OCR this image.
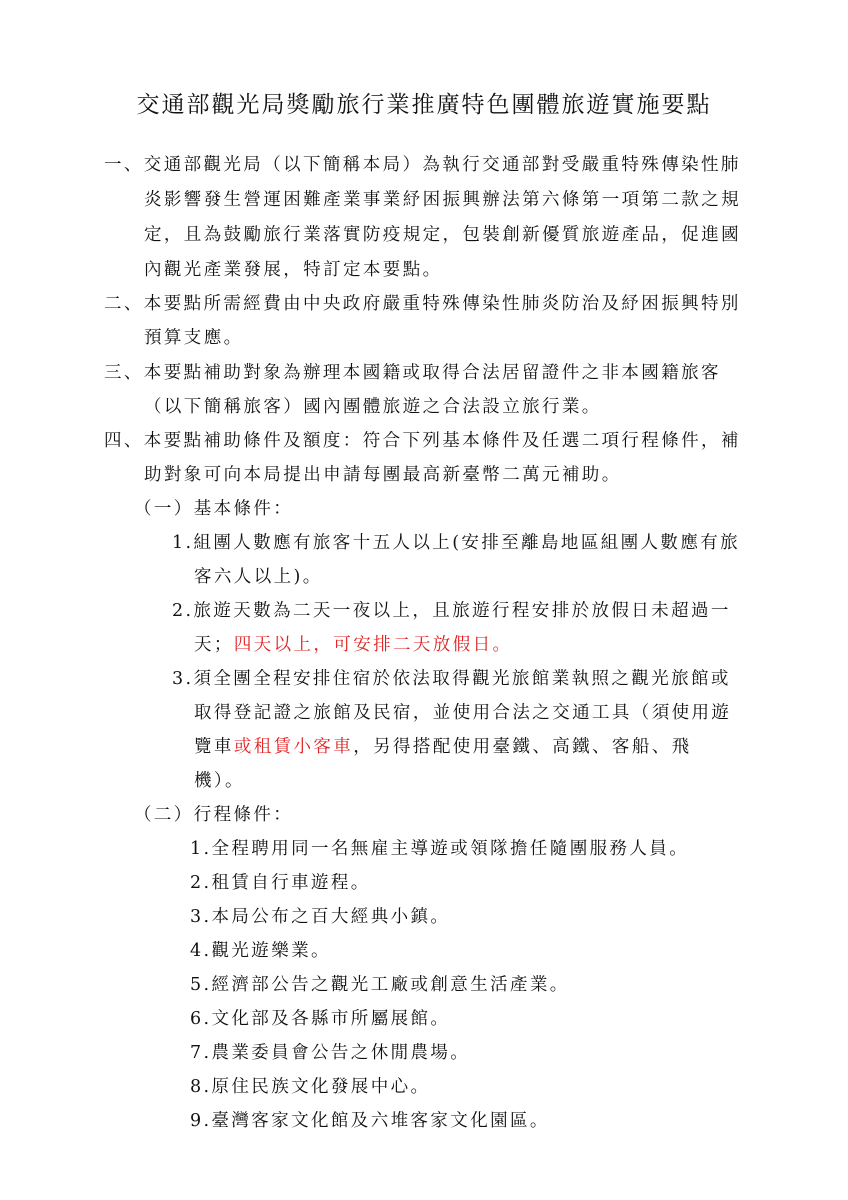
交通部觀光局獎勵旅行業推廣特色團體旅遊實施要點
一、交通部觀光局（以下簡稱本局）為執行交通部對受嚴重特殊傳染性肺
炎影響發生營運困難產業事業紓困振興辦法第六條第一項第二款之規
定，且為鼓勵旅行業落實防疫規定，包裝創新優質旅遊產品，促進國
內觀光產業發展，特訂定本要點。
二、本要點所需經費由中央政府嚴重特殊傳染性肺炎防治及紓困振興特別
預算支應。
三、本要點補助對象為辦理本國籍或取得合法居留證件之非本國籍旅客
（以下簡稱旅客）國內團體旅遊之合法設立旅行業。
四、本要點補助條件及額度：符合下列基本條件及任選二項行程條件，補
助對象可向本局提出申請每團最高新臺幣二萬元補助。
（一）基本條件：
1.組團人數應有旅客十五人以上(安排至離島地區組團人數應有旅
客六人以上)。
2.旅遊天數為二天一夜以上，且旅遊行程安排於放假日未超過一
天；四天以上，可安排二天放假日。
3.須全團全程安排住宿於依法取得觀光旅館業執照之觀光旅館或
取得登記證之旅館及民宿，並使用合法之交通工具（須使用遊
覽車或租賃小客車，另得搭配使用臺鐵、高鐵、客船、飛
機）。
（二）行程條件：
1.全程聘用同一名無雇主導遊或領隊擔任隨團服務人員。
2.租賃自行車遊程。
3.本局公布之百大經典小鎮。
4.觀光遊樂業。
5.經濟部公告之觀光工廠或創意生活產業。
6.文化部及各縣市所屬展館。
7.農業委員會公告之休閒農場。
8.原住民族文化發展中心。
9.臺灣客家文化館及六堆客家文化園區。
